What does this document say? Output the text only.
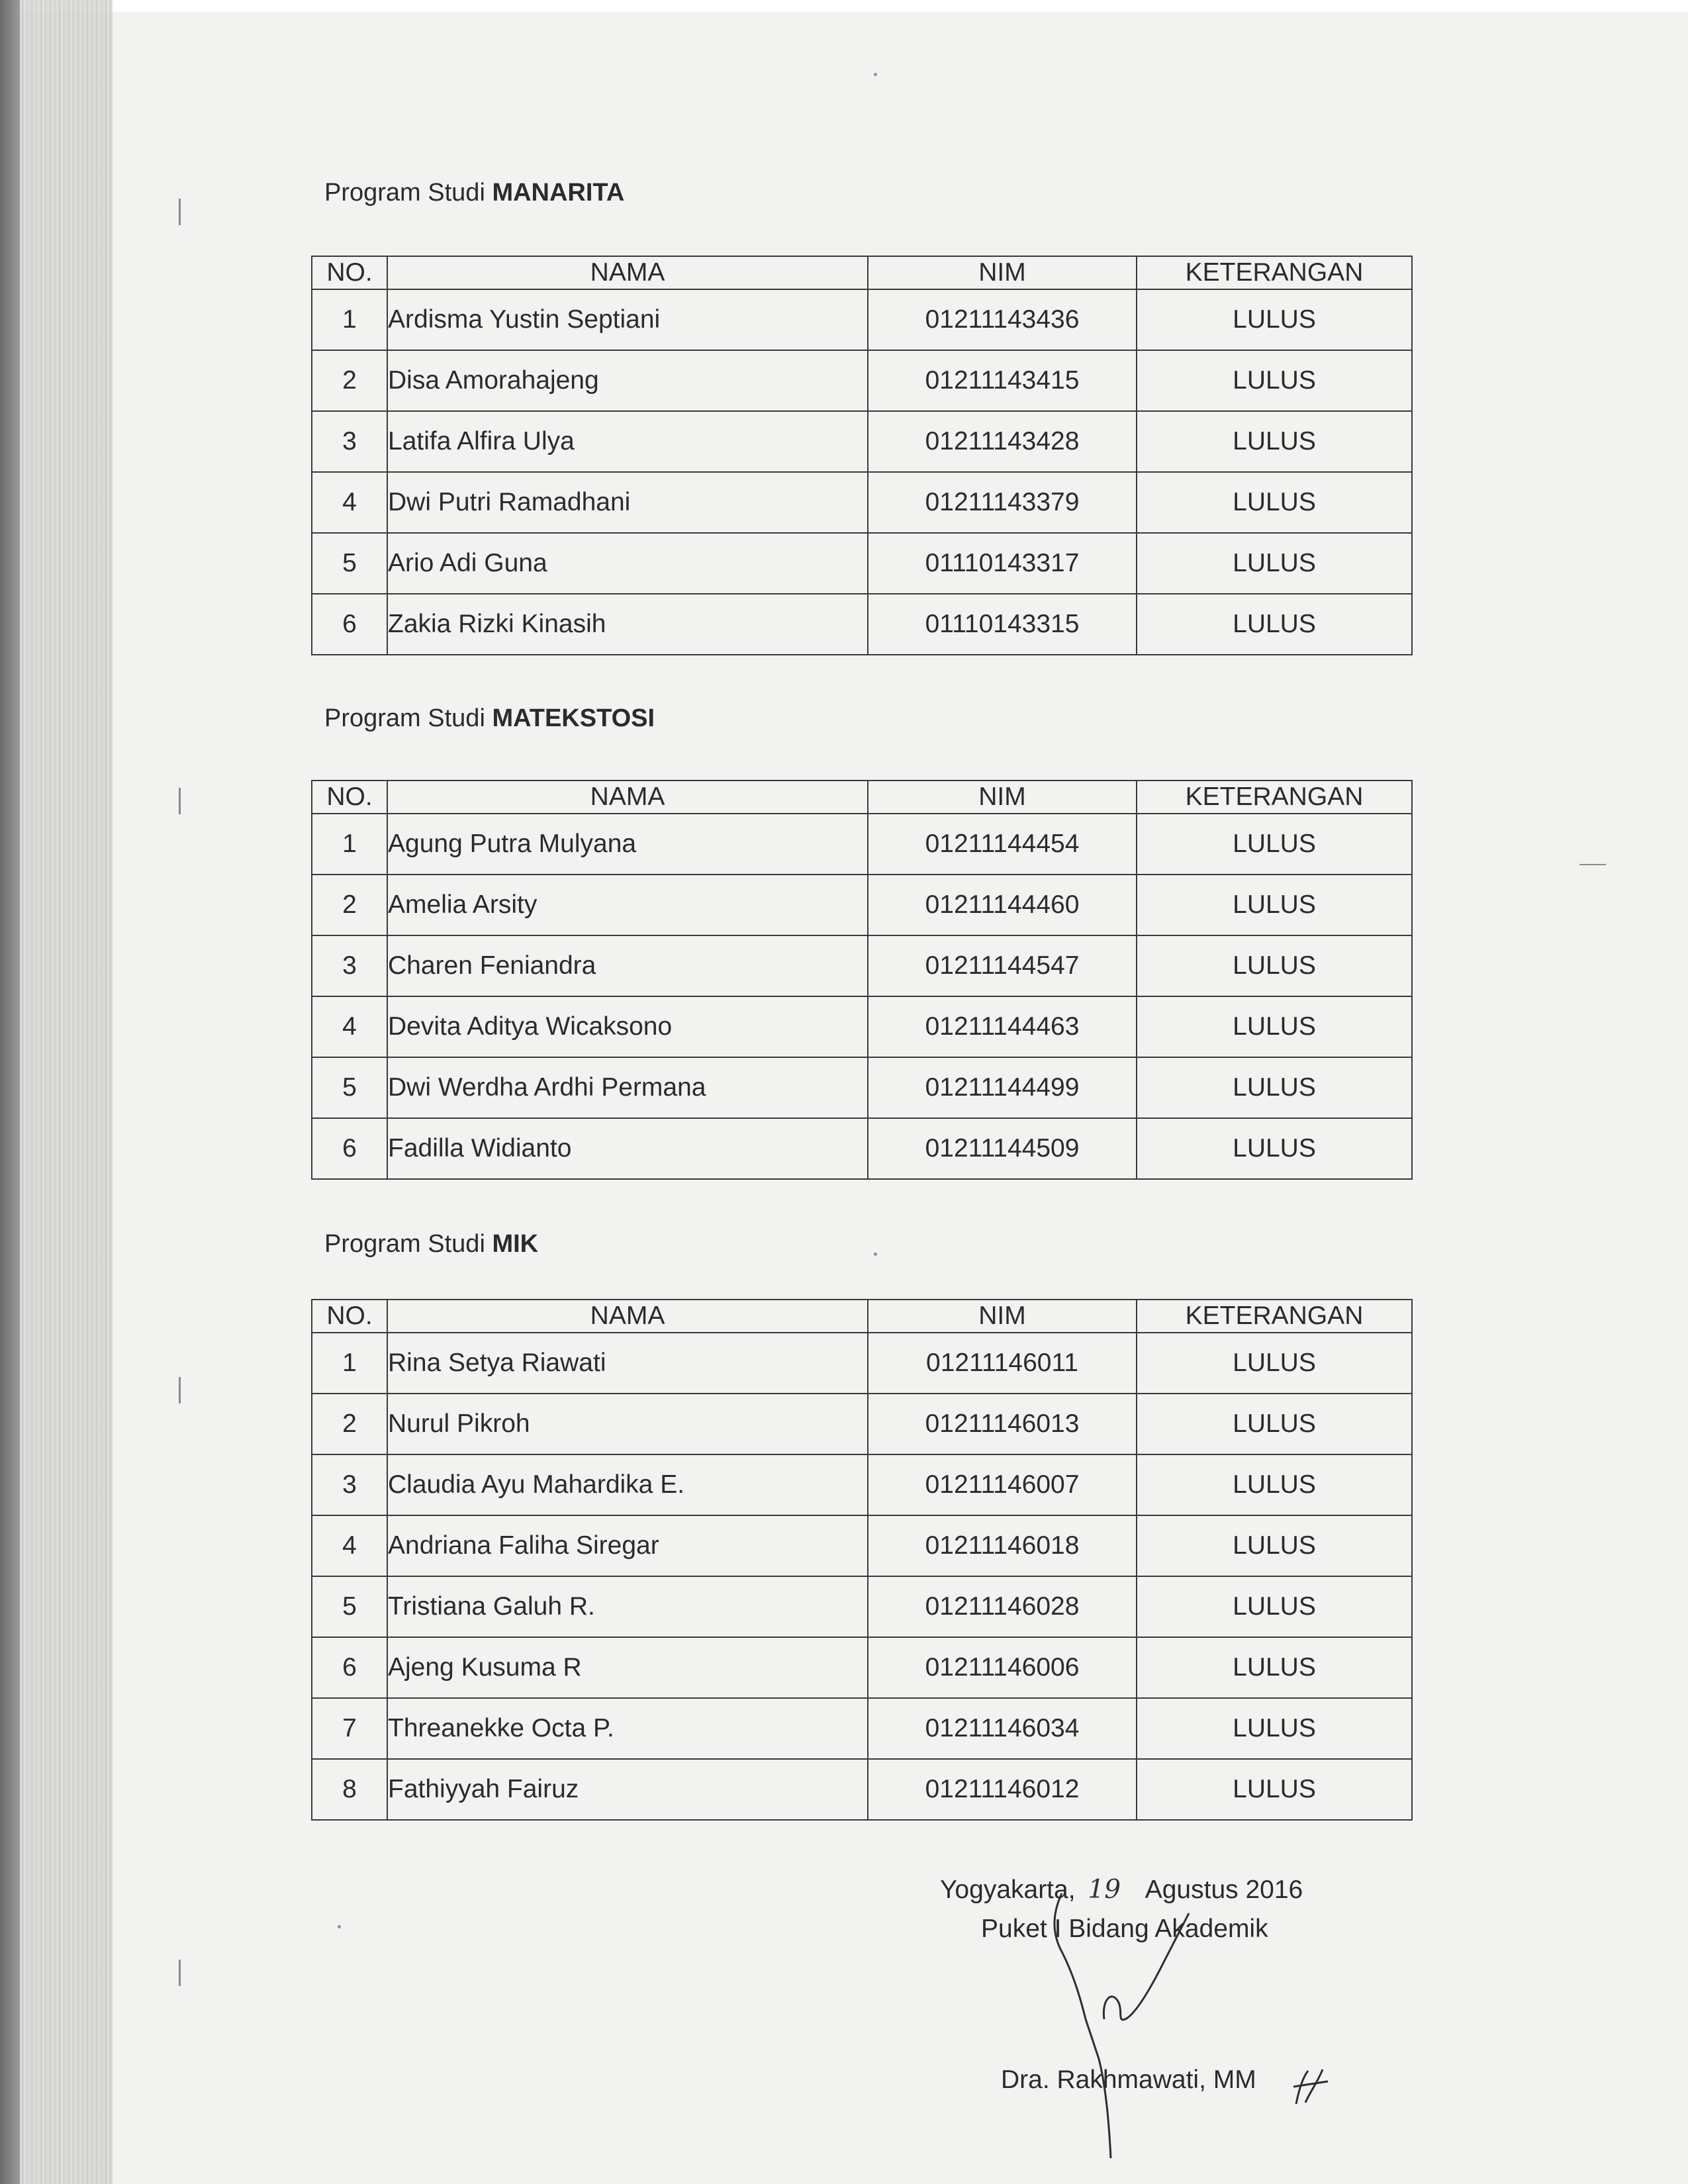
Program Studi MANARITA
NO.	NAMA	NIM	KETERANGAN
1	Ardisma Yustin Septiani	01211143436	LULUS
2	Disa Amorahajeng	01211143415	LULUS
3	Latifa Alfira Ulya	01211143428	LULUS
4	Dwi Putri Ramadhani	01211143379	LULUS
5	Ario Adi Guna	01110143317	LULUS
6	Zakia Rizki Kinasih	01110143315	LULUS
Program Studi MATEKSTOSI
NO.	NAMA	NIM	KETERANGAN
1	Agung Putra Mulyana	01211144454	LULUS
2	Amelia Arsity	01211144460	LULUS
3	Charen Feniandra	01211144547	LULUS
4	Devita Aditya Wicaksono	01211144463	LULUS
5	Dwi Werdha Ardhi Permana	01211144499	LULUS
6	Fadilla Widianto	01211144509	LULUS
Program Studi MIK
NO.	NAMA	NIM	KETERANGAN
1	Rina Setya Riawati	01211146011	LULUS
2	Nurul Pikroh	01211146013	LULUS
3	Claudia Ayu Mahardika E.	01211146007	LULUS
4	Andriana Faliha Siregar	01211146018	LULUS
5	Tristiana Galuh R.	01211146028	LULUS
6	Ajeng Kusuma R	01211146006	LULUS
7	Threanekke Octa P.	01211146034	LULUS
8	Fathiyyah Fairuz	01211146012	LULUS
Yogyakarta, 19 Agustus 2016
Puket I Bidang Akademik
Dra. Rakhmawati, MM
